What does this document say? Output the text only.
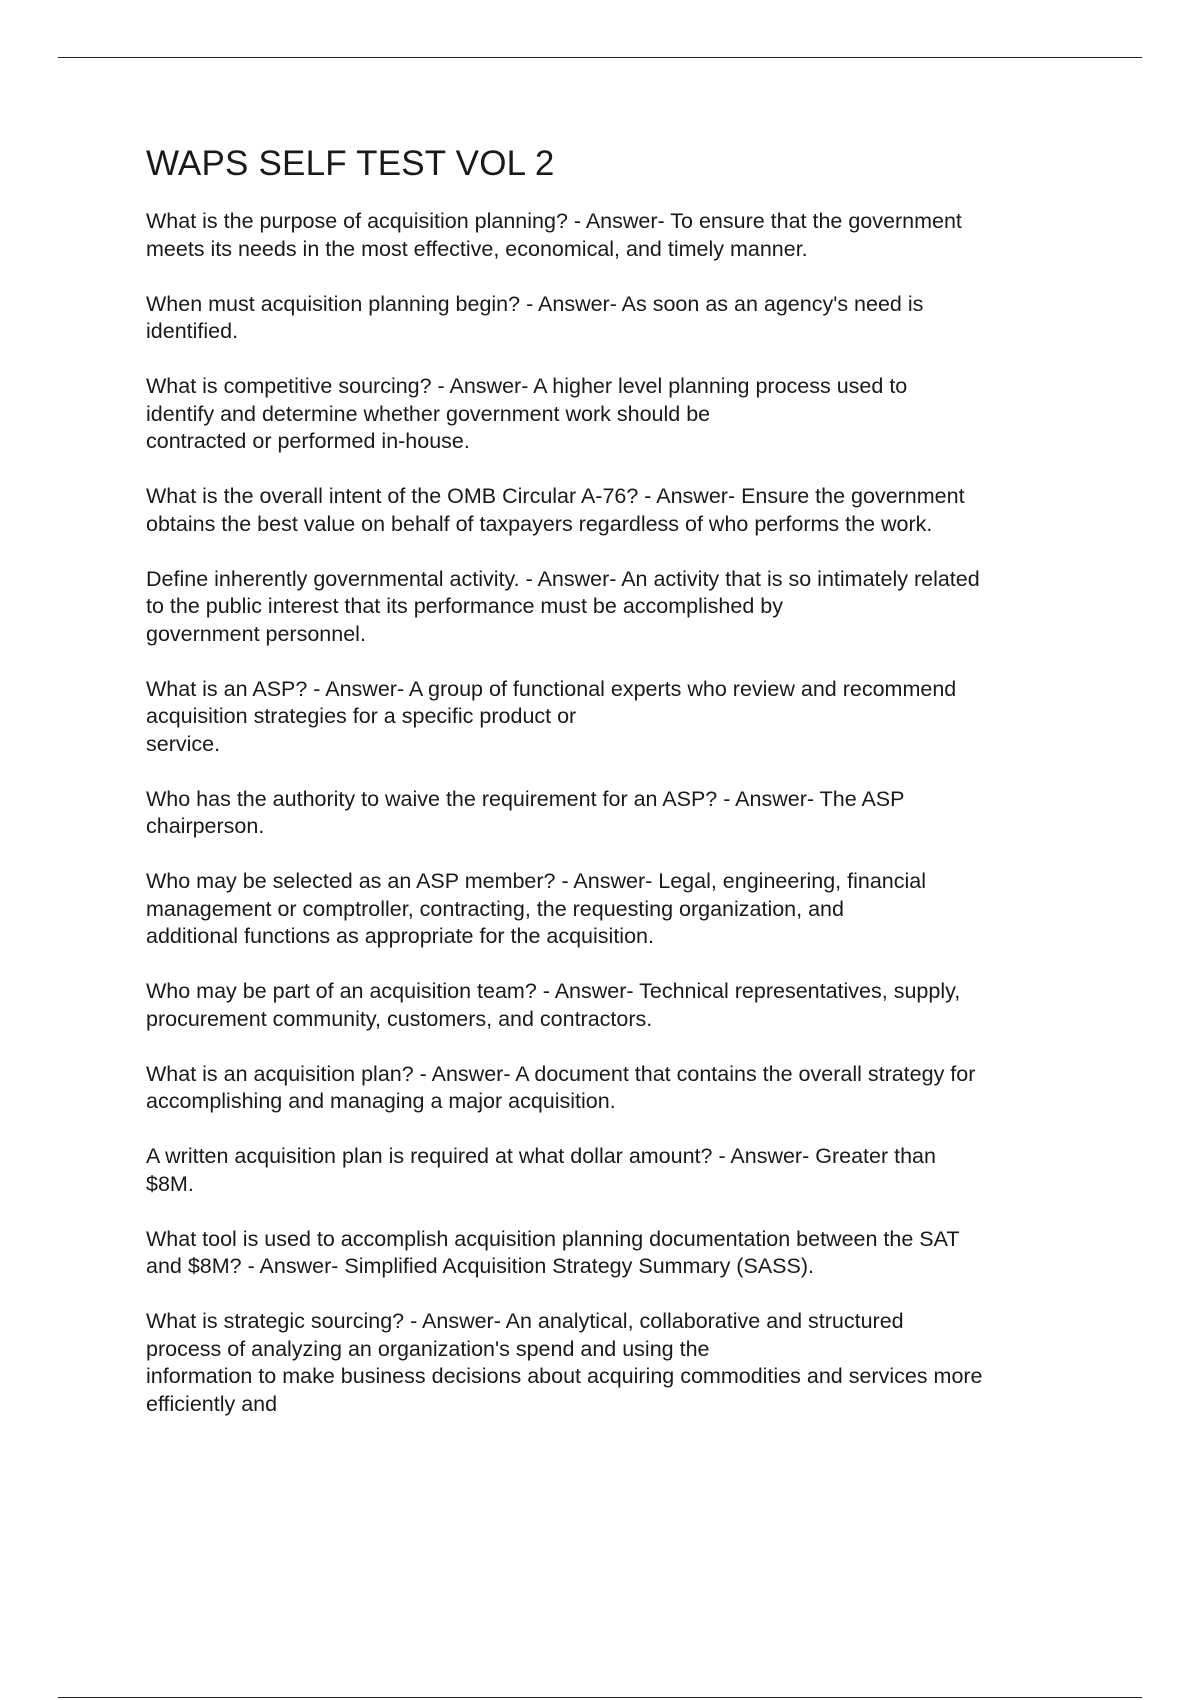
WAPS SELF TEST VOL 2
What is the purpose of acquisition planning? - Answer- To ensure that the government
meets its needs in the most effective, economical, and timely manner.
When must acquisition planning begin? - Answer- As soon as an agency's need is
identified.
What is competitive sourcing? - Answer- A higher level planning process used to
identify and determine whether government work should be
contracted or performed in-house.
What is the overall intent of the OMB Circular A-76? - Answer- Ensure the government
obtains the best value on behalf of taxpayers regardless of who performs the work.
Define inherently governmental activity. - Answer- An activity that is so intimately related
to the public interest that its performance must be accomplished by
government personnel.
What is an ASP? - Answer- A group of functional experts who review and recommend
acquisition strategies for a specific product or
service.
Who has the authority to waive the requirement for an ASP? - Answer- The ASP
chairperson.
Who may be selected as an ASP member? - Answer- Legal, engineering, financial
management or comptroller, contracting, the requesting organization, and
additional functions as appropriate for the acquisition.
Who may be part of an acquisition team? - Answer- Technical representatives, supply,
procurement community, customers, and contractors.
What is an acquisition plan? - Answer- A document that contains the overall strategy for
accomplishing and managing a major acquisition.
A written acquisition plan is required at what dollar amount? - Answer- Greater than
$8M.
What tool is used to accomplish acquisition planning documentation between the SAT
and $8M? - Answer- Simplified Acquisition Strategy Summary (SASS).
What is strategic sourcing? - Answer- An analytical, collaborative and structured
process of analyzing an organization's spend and using the
information to make business decisions about acquiring commodities and services more
efficiently and
